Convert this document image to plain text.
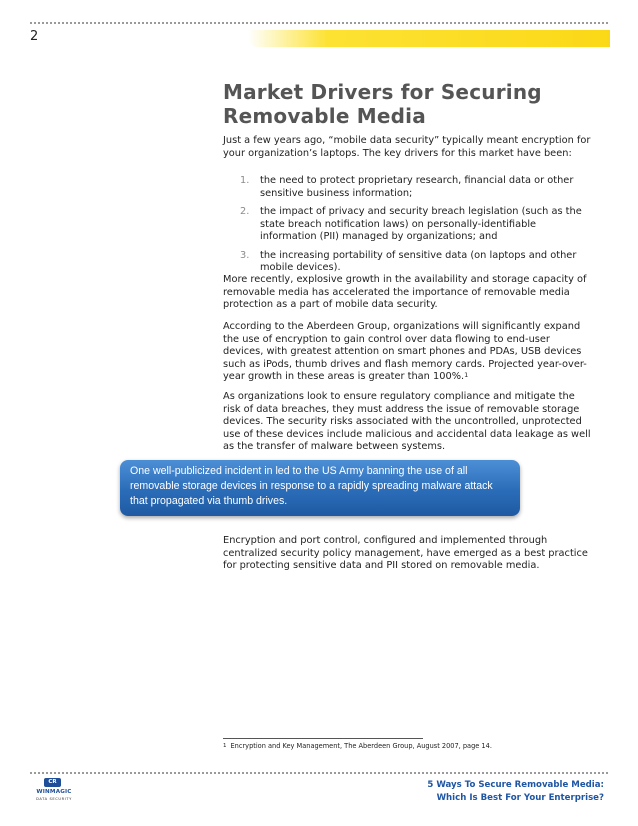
2
Market Drivers for Securing Removable Media

Just a few years ago, “mobile data security” typically meant encryption for your organization’s laptops. The key drivers for this market have been:

1. the need to protect proprietary research, financial data or other sensitive business information;
2. the impact of privacy and security breach legislation (such as the state breach notification laws) on personally-identifiable information (PII) managed by organizations; and
3. the increasing portability of sensitive data (on laptops and other mobile devices).

More recently, explosive growth in the availability and storage capacity of removable media has accelerated the importance of removable media protection as a part of mobile data security.

According to the Aberdeen Group, organizations will significantly expand the use of encryption to gain control over data flowing to end-user devices, with greatest attention on smart phones and PDAs, USB devices such as iPods, thumb drives and flash memory cards. Projected year-over-year growth in these areas is greater than 100%.$^1$

As organizations look to ensure regulatory compliance and mitigate the risk of data breaches, they must address the issue of removable storage devices. The security risks associated with the uncontrolled, unprotected use of these devices include malicious and accidental data leakage as well as the transfer of malware between systems.

One well-publicized incident in led to the US Army banning the use of all removable storage devices in response to a rapidly spreading malware attack that propagated via thumb drives.

Encryption and port control, configured and implemented through centralized security policy management, have emerged as a best practice for protecting sensitive data and PII stored on removable media.

$^1$ Encryption and Key Management, The Aberdeen Group, August 2007, page 14.
CR
WINMAGIC
DATA SECURITY
5 Ways To Secure Removable Media:
Which Is Best For Your Enterprise?
